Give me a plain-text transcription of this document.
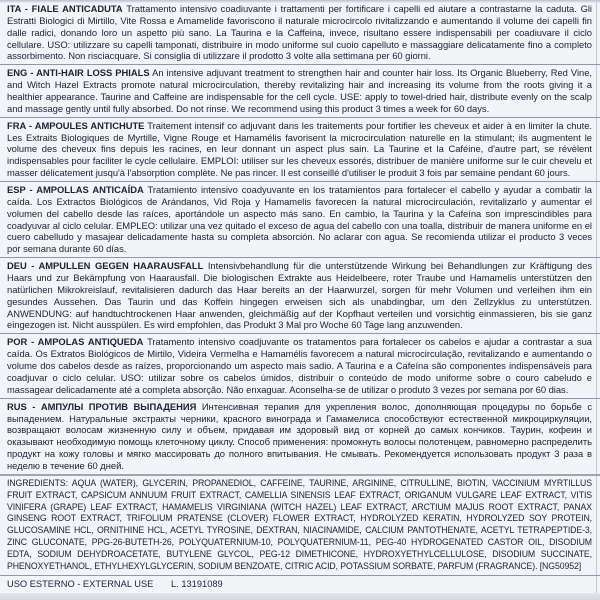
ITA - FIALE ANTICADUTA Trattamento intensivo coadiuvante i trattamenti per fortificare i capelli ed aiutare a contrastarne la caduta. Gli Estratti Biologici di Mirtillo, Vite Rossa e Amamelide favoriscono il naturale microcircolo rivitalizzando e aumentando il volume dei capelli fin dalle radici, donando loro un aspetto più sano. La Taurina e la Caffeina, invece, risultano essere indispensabili per coadiuvare il ciclo cellulare. USO: utilizzare su capelli tamponati, distribuire in modo uniforme sul cuoio capelluto e massaggiare delicatamente fino a completo assorbimento. Non risciacquare. Si consiglia di utilizzare il prodotto 3 volte alla settimana per 60 giorni.

ENG - ANTI-HAIR LOSS PHIALS An intensive adjuvant treatment to strengthen hair and counter hair loss. Its Organic Blueberry, Red Vine, and Witch Hazel Extracts promote natural microcirculation, thereby revitalizing hair and increasing its volume from the roots giving it a healthier appearance. Taurine and Caffeine are indispensable for the cell cycle. USE: apply to towel-dried hair, distribute evenly on the scalp and massage gently until fully absorbed. Do not rinse. We recommend using this product 3 times a week for 60 days.

FRA - AMPOULES ANTICHUTE Traitement intensif co adjuvant dans les traitements pour fortifier les cheveux et aider à en limiter la chute. Les Extraits Biologiques de Myrtille, Vigne Rouge et Hamamélis favorisent la microcirculation naturelle en la stimulant; ils augmentent le volume des cheveux fins depuis les racines, en leur donnant un aspect plus sain. La Taurine et la Caféine, d'autre part, se révèlent indispensables pour faciliter le cycle cellulaire. EMPLOI: utiliser sur les cheveux essorés, distribuer de manière uniforme sur le cuir chevelu et masser délicatement jusqu'à l'absorption complète. Ne pas rincer. Il est conseillé d'utiliser le produit 3 fois par semaine pendant 60 jours.

ESP - AMPOLLAS ANTICAÍDA Tratamiento intensivo coadyuvante en los tratamientos para fortalecer el cabello y ayudar a combatir la caída. Los Extractos Biológicos de Arándanos, Vid Roja y Hamamelis favorecen la natural microcirculación, revitalizarlo y aumentar el volumen del cabello desde las raíces, aportándole un aspecto más sano. En cambio, la Taurina y la Cafeína son imprescindibles para coadyuvar al ciclo celular. EMPLEO: utilizar una vez quitado el exceso de agua del cabello con una toalla, distribuir de manera uniforme en el cuero cabelludo y masajear delicadamente hasta su completa absorción. No aclarar con agua. Se recomienda utilizar el producto 3 veces por semana durante 60 días.

DEU - AMPULLEN GEGEN HAARAUSFALL Intensivbehandlung für die unterstützende Wirkung bei Behandlungen zur Kräftigung des Haars und zur Bekämpfung von Haarausfall. Die biologischen Extrakte aus Heidelbeere, roter Traube und Hamamelis unterstützen den natürlichen Mikrokreislauf, revitalisieren dadurch das Haar bereits an der Haarwurzel, sorgen für mehr Volumen und verleihen ihm ein gesundes Aussehen. Das Taurin und das Koffein hingegen erweisen sich als unabdingbar, um den Zellzyklus zu unterstützen. ANWENDUNG: auf handtuchtrockenen Haar anwenden, gleichmäßig auf der Kopfhaut verteilen und vorsichtig einmassieren, bis sie ganz eingezogen ist. Nicht ausspülen. Es wird empfohlen, das Produkt 3 Mal pro Woche 60 Tage lang anzuwenden.

POR - AMPOLAS ANTIQUEDA Tratamento intensivo coadjuvante os tratamentos para fortalecer os cabelos e ajudar a contrastar a sua caída. Os Extratos Biológicos de Mirtilo, Videira Vermelha e Hamamélis favorecem a natural microcirculação, revitalizando e aumentando o volume dos cabelos desde as raízes, proporcionando um aspecto mais sadio. A Taurina e a Cafeína são componentes indispensáveis para coadjuvar o ciclo celular. USO: utilizar sobre os cabelos úmidos, distribuir o conteúdo de modo uniforme sobre o couro cabeludo e massagear delicadamente até a completa absorção. Não enxaguar. Aconselha-se de utilizar o produto 3 vezes por semana por 60 dias.

RUS - АМПУЛЫ ПРОТИВ ВЫПАДЕНИЯ Интенсивная терапия для укрепления волос, дополняющая процедуры по борьбе с выпадением. Натуральные экстракты черники, красного винограда и Гамамелиса способствуют естественной микроциркуляции, возвращают волосам жизненную силу и объем, придавая им здоровый вид от корней до самых кончиков. Таурин, кофеин и оказывают необходимую помощь клеточному циклу. Способ применения: промокнуть волосы полотенцем, равномерно распределить продукт на кожу головы и мягко массировать до полного впитывания. Не смывать. Рекомендуется использовать продукт 3 раза в неделю в течение 60 дней.

INGREDIENTS: AQUA (WATER), GLYCERIN, PROPANEDIOL, CAFFEINE, TAURINE, ARGININE, CITRULLINE, BIOTIN, VACCINIUM MYRTILLUS FRUIT EXTRACT, CAPSICUM ANNUUM FRUIT EXTRACT, CAMELLIA SINENSIS LEAF EXTRACT, ORIGANUM VULGARE LEAF EXTRACT, VITIS VINIFERA (GRAPE) LEAF EXTRACT, HAMAMELIS VIRGINIANA (WITCH HAZEL) LEAF EXTRACT, ARCTIUM MAJUS ROOT EXTRACT, PANAX GINSENG ROOT EXTRACT, TRIFOLIUM PRATENSE (CLOVER) FLOWER EXTRACT, HYDROLYZED KERATIN, HYDROLYZED SOY PROTEIN, GLUCOSAMINE HCL, ORNITHINE HCL, ACETYL TYROSINE, DEXTRAN, NIACINAMIDE, CALCIUM PANTOTHENATE, ACETYL TETRAPEPTIDE-3, ZINC GLUCONATE, PPG-26-BUTETH-26, POLYQUATERNIUM-10, POLYQUATERNIUM-11, PEG-40 HYDROGENATED CASTOR OIL, DISODIUM EDTA, SODIUM DEHYDROACETATE, BUTYLENE GLYCOL, PEG-12 DIMETHICONE, HYDROXYETHYLCELLULOSE, DISODIUM SUCCINATE, PHENOXYETHANOL, ETHYLHEXYLGLYCERIN, SODIUM BENZOATE, CITRIC ACID, POTASSIUM SORBATE, PARFUM (FRAGRANCE). [NG50952]

USO ESTERNO - EXTERNAL USE L. 13191089
